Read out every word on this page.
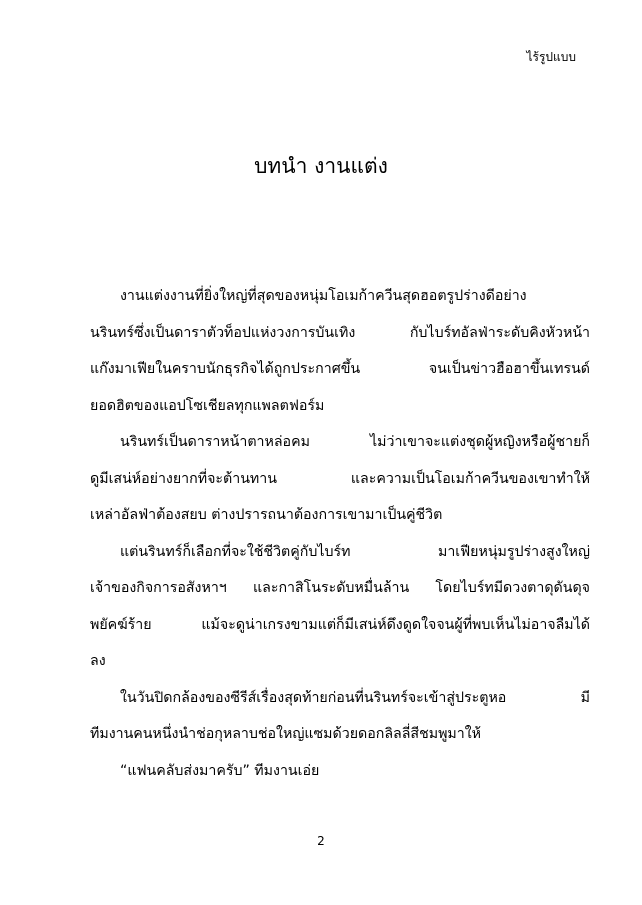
ไร้รูปแบบ
บทนำ งานแต่ง
งานแต่งงานที่ยิ่งใหญ่ที่สุดของหนุ่มโอเมก้าควีนสุดฮอตรูปร่างดีอย่าง
นรินทร์ซึ่งเป็นดาราตัวท็อปแห่งวงการบันเทิง กับไบร์ทอัลฟ่าระดับคิงหัวหน้า
แก๊งมาเฟียในคราบนักธุรกิจได้ถูกประกาศขึ้น จนเป็นข่าวฮือฮาขึ้นเทรนด์
ยอดฮิตของแอปโซเชียลทุกแพลตฟอร์ม
นรินทร์เป็นดาราหน้าตาหล่อคม ไม่ว่าเขาจะแต่งชุดผู้หญิงหรือผู้ชายก็
ดูมีเสน่ห์อย่างยากที่จะต้านทาน และความเป็นโอเมก้าควีนของเขาทำให้
เหล่าอัลฟ่าต้องสยบ ต่างปรารถนาต้องการเขามาเป็นคู่ชีวิต
แต่นรินทร์ก็เลือกที่จะใช้ชีวิตคู่กับไบร์ท มาเฟียหนุ่มรูปร่างสูงใหญ่
เจ้าของกิจการอสังหาฯ และกาสิโนระดับหมื่นล้าน โดยไบร์ทมีดวงตาดุดันดุจ
พยัคฆ์ร้าย แม้จะดูน่าเกรงขามแต่ก็มีเสน่ห์ดึงดูดใจจนผู้ที่พบเห็นไม่อาจลืมได้
ลง
ในวันปิดกล้องของซีรีส์เรื่องสุดท้ายก่อนที่นรินทร์จะเข้าสู่ประตูหอ มี
ทีมงานคนหนึ่งนำช่อกุหลาบช่อใหญ่แซมด้วยดอกลิลลี่สีชมพูมาให้
“แฟนคลับส่งมาครับ” ทีมงานเอ่ย
2
